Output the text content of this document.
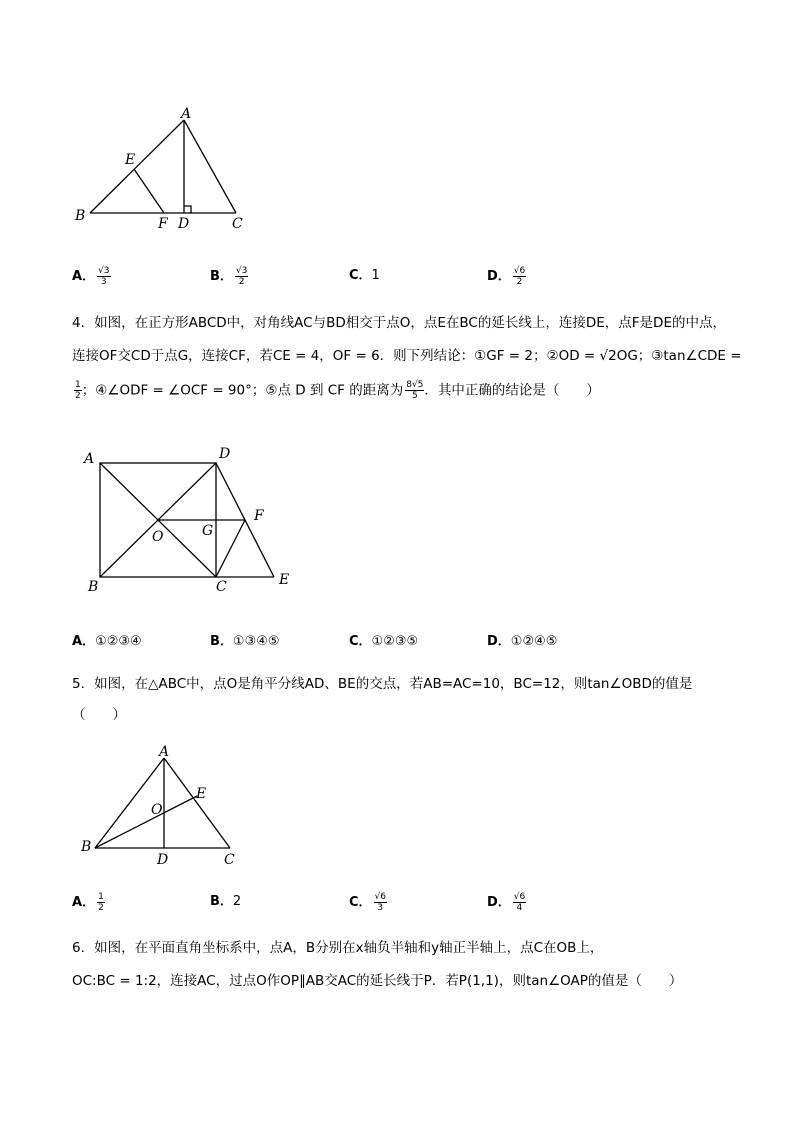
A
E
B	F D	C
A． $\frac{√3}{3}$	B． $\frac{√3}{2}$	C．1	D． $\frac{√6}{2}$
4．如图，在正方形ABCD中，对角线AC与BD相交于点O，点E在BC的延长线上，连接DE，点F是DE的中点，
连接OF交CD于点G，连接CF，若CE = 4，OF = 6．则下列结论：①GF = 2；②OD = √2OG；③tan∠CDE =
$\frac{1}{2}$ ；④∠ODF = ∠OCF = 90°；⑤点 D 到 CF 的距离为 $\frac{8√5}{5}$ ．其中正确的结论是（　　）
A	D
F
O	G
B	C	E
A．①②③④	B．①③④⑤	C．①②③⑤	D．①②④⑤
5．如图，在△ABC中，点O是角平分线AD、BE的交点，若AB=AC=10，BC=12，则tan∠OBD的值是
（　　）
A
E
O
B
D	C
A． $\frac{1}{2}$	B．2	C． $\frac{√6}{3}$	D． $\frac{√6}{4}$
6．如图，在平面直角坐标系中，点A，B分别在x轴负半轴和y轴正半轴上，点C在OB上，
OC:BC = 1:2，连接AC，过点O作OP∥AB交AC的延长线于P．若P(1,1)，则tan∠OAP的值是（　　）
